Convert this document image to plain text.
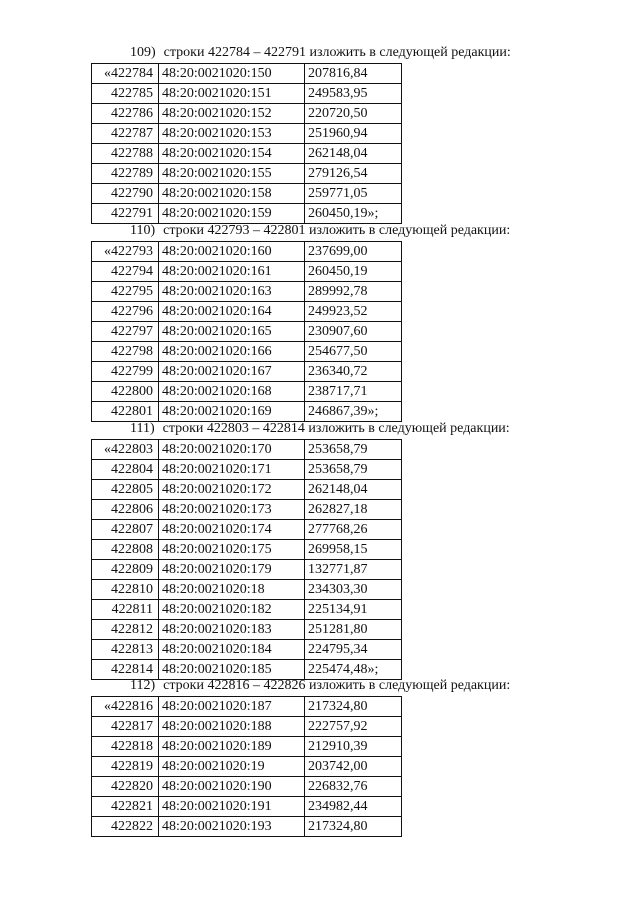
109) строки 422784 – 422791 изложить в следующей редакции:
«422784	48:20:0021020:150	207816,84
422785	48:20:0021020:151	249583,95
422786	48:20:0021020:152	220720,50
422787	48:20:0021020:153	251960,94
422788	48:20:0021020:154	262148,04
422789	48:20:0021020:155	279126,54
422790	48:20:0021020:158	259771,05
422791	48:20:0021020:159	260450,19»;
110) строки 422793 – 422801 изложить в следующей редакции:
«422793	48:20:0021020:160	237699,00
422794	48:20:0021020:161	260450,19
422795	48:20:0021020:163	289992,78
422796	48:20:0021020:164	249923,52
422797	48:20:0021020:165	230907,60
422798	48:20:0021020:166	254677,50
422799	48:20:0021020:167	236340,72
422800	48:20:0021020:168	238717,71
422801	48:20:0021020:169	246867,39»;
111) строки 422803 – 422814 изложить в следующей редакции:
«422803	48:20:0021020:170	253658,79
422804	48:20:0021020:171	253658,79
422805	48:20:0021020:172	262148,04
422806	48:20:0021020:173	262827,18
422807	48:20:0021020:174	277768,26
422808	48:20:0021020:175	269958,15
422809	48:20:0021020:179	132771,87
422810	48:20:0021020:18	234303,30
422811	48:20:0021020:182	225134,91
422812	48:20:0021020:183	251281,80
422813	48:20:0021020:184	224795,34
422814	48:20:0021020:185	225474,48»;
112) строки 422816 – 422826 изложить в следующей редакции:
«422816	48:20:0021020:187	217324,80
422817	48:20:0021020:188	222757,92
422818	48:20:0021020:189	212910,39
422819	48:20:0021020:19	203742,00
422820	48:20:0021020:190	226832,76
422821	48:20:0021020:191	234982,44
422822	48:20:0021020:193	217324,80
